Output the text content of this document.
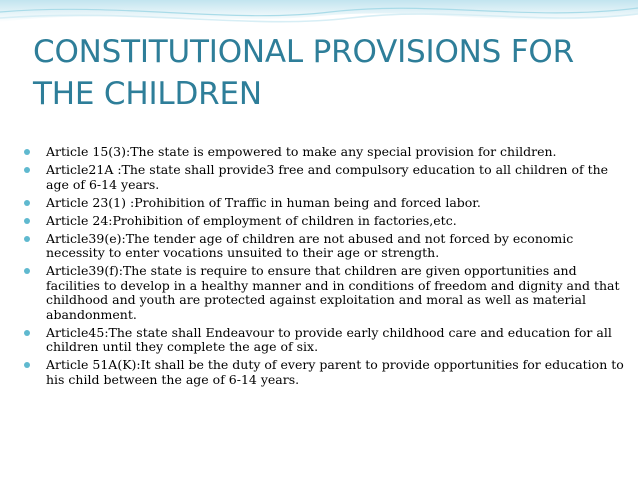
CONSTITUTIONAL PROVISIONS FOR
THE CHILDREN
Article 15(3):The state is empowered to make any special provision for children.
Article21A :The state shall provide3 free and compulsory education to all children of the age of 6-14 years.
Article 23(1) :Prohibition of Traffic in human being and forced labor.
Article 24:Prohibition of employment of children in factories,etc.
Article39(e):The tender age of children are not abused and not forced by economic necessity to enter vocations unsuited to their age or strength.
Article39(f):The state is require to ensure that children are given opportunities and facilities to develop in a healthy manner and in conditions of freedom and dignity and that childhood and youth are protected against exploitation and moral as well as material abandonment.
Article45:The state shall Endeavour to provide early childhood care and education for all children until they complete the age of six.
Article 51A(K):It shall be the duty of every parent to provide opportunities for education to his child between the age of 6-14 years.
